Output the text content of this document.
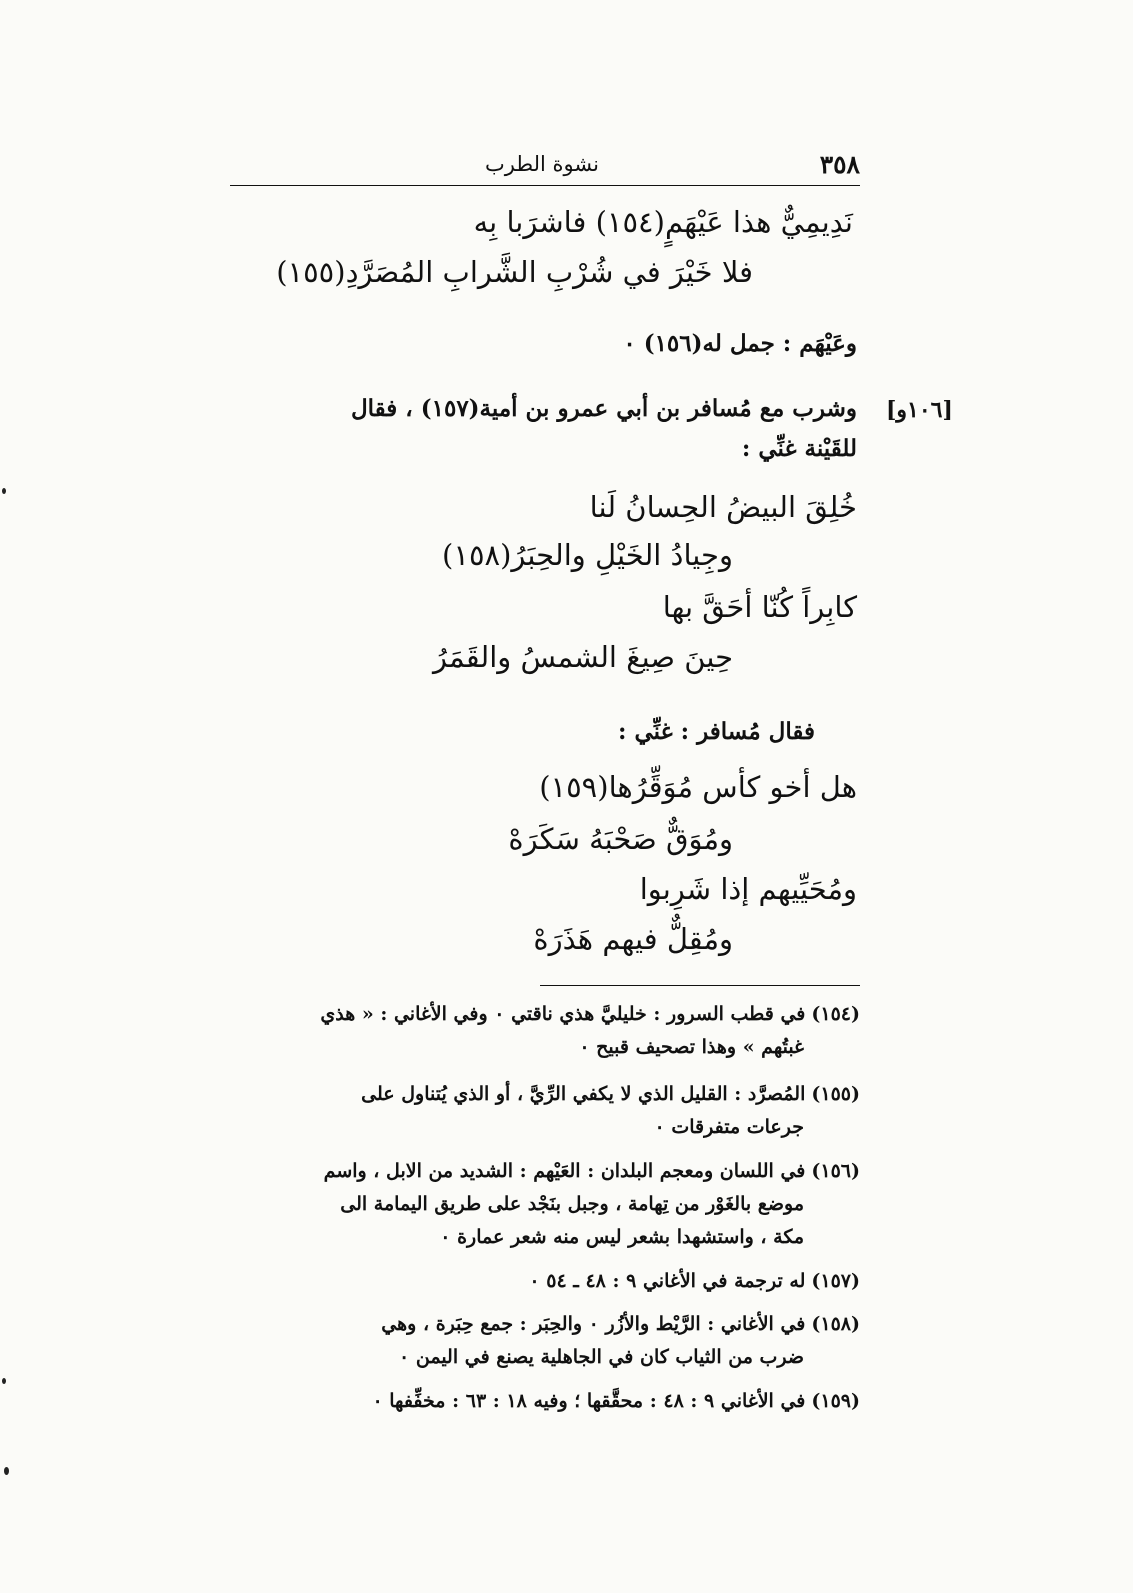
٣٥٨
نشوة الطرب
نَدِيمِيٌّ هذا عَيْهَمٍ(١٥٤) فاشرَبا بِه
فلا خَيْرَ في شُرْبِ الشَّرابِ المُصَرَّدِ(١٥٥)
وعَيْهَم : جمل له(١٥٦) ٠
[١٠٦و]
وشرب مع مُسافر بن أبي عمرو بن أمية(١٥٧) ، فقال
للقَيْنة غنِّي :
خُلِقَ البيضُ الحِسانُ لَنا
وجِيادُ الخَيْلِ والحِبَرُ(١٥٨)
كابِراً كُنّا أحَقَّ بها
حِينَ صِيغَ الشمسُ والقَمَرُ
فقال مُسافر : غنِّي :
هل أخو كأس مُوَقِّرُها(١٥٩)
ومُوَقٌّ صَحْبَهُ سَكَرَهْ
ومُحَيِّيهم إذا شَرِبوا
ومُقِلٌّ فيهم هَذَرَهْ
(١٥٤)في قطب السرور : خليليَّ هذي ناقتي ٠ وفي الأغاني : « هذي
غبتُهم » وهذا تصحيف قبيح ٠
(١٥٥)المُصرَّد : القليل الذي لا يكفي الرِّيَّ ، أو الذي يُتناول على
جرعات متفرقات ٠
(١٥٦)في اللسان ومعجم البلدان : العَيْهم : الشديد من الابل ، واسم
موضع بالغَوْر من تِهامة ، وجبل بنَجْد على طريق اليمامة الى
مكة ، واستشهدا بشعر ليس منه شعر عمارة ٠
(١٥٧)له ترجمة في الأغاني ٩ : ٤٨ ـ ٥٤ ٠
(١٥٨)في الأغاني : الرَّيْط والأزُر ٠ والحِبَر : جمع حِبَرة ، وهي
ضرب من الثياب كان في الجاهلية يصنع في اليمن ٠
(١٥٩)في الأغاني ٩ : ٤٨ : محقَّقها ؛ وفيه ١٨ : ٦٣ : مخفِّفها ٠
